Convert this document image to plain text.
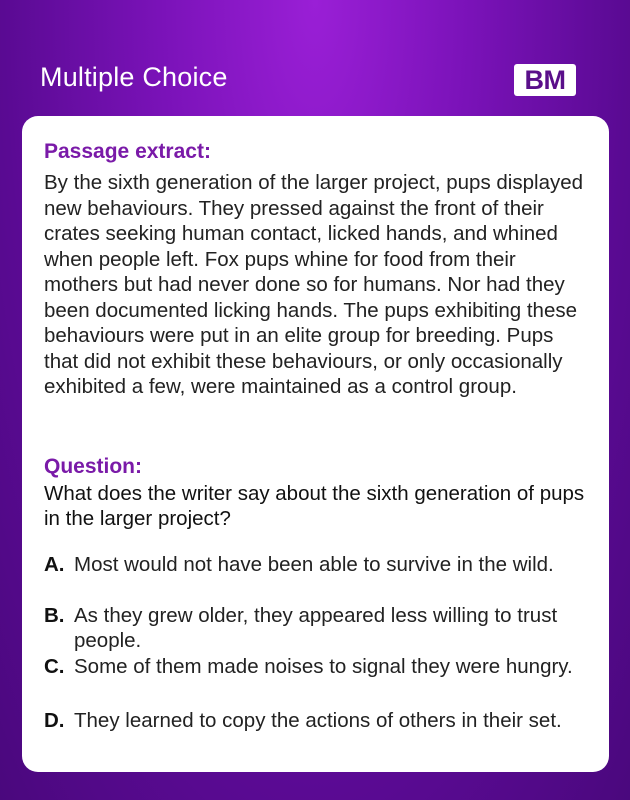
Multiple Choice	BM
Passage extract:
By the sixth generation of the larger project, pups displayed new behaviours. They pressed against the front of their crates seeking human contact, licked hands, and whined when people left. Fox pups whine for food from their mothers but had never done so for humans. Nor had they been documented licking hands. The pups exhibiting these behaviours were put in an elite group for breeding. Pups that did not exhibit these behaviours, or only occasionally exhibited a few, were maintained as a control group.
Question:
What does the writer say about the sixth generation of pups in the larger project?
A. Most would not have been able to survive in the wild.
B. As they grew older, they appeared less willing to trust people.
C. Some of them made noises to signal they were hungry.
D. They learned to copy the actions of others in their set.
